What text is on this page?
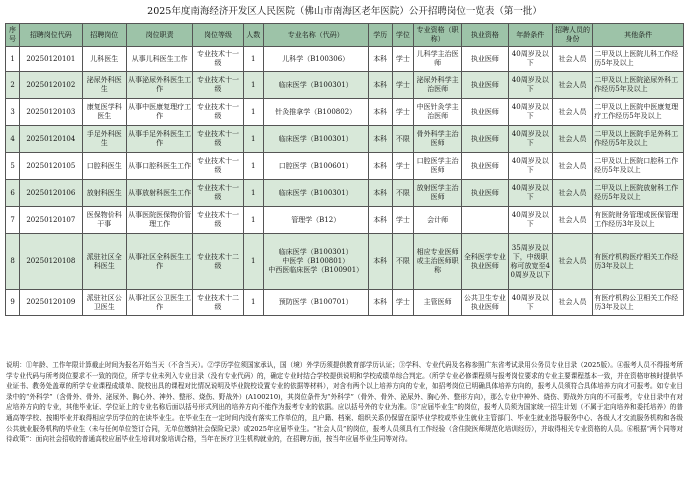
2025年度南海经济开发区人民医院（佛山市南海区老年医院）公开招聘岗位一览表（第一批）
序号	招聘岗位代码	招聘岗位	岗位职责	岗位等级	人数	专业名称（代码）	学历	学位	专业资格（职称）	执业资格	年龄条件	招聘人员的身份	其他条件
1	20250120101	儿科医生	从事儿科医生工作	专业技术十一级	1	儿科学（B100306）	本科	学士	儿科学主治医师	执业医师	40周岁及以下	社会人员	二甲及以上医院儿科工作经历5年及以上
2	20250120102	泌尿外科医生	从事泌尿外科医生工作	专业技术十一级	1	临床医学（B100301）	本科	学士	泌尿外科学主治医师	执业医师	40周岁及以下	社会人员	二甲及以上医院泌尿外科工作经历5年及以上
3	20250120103	康复医学科医生	从事中医康复理疗工作	专业技术十一级	1	针灸推拿学（B100802）	本科	学士	中医针灸学主治医师	执业医师	40周岁及以下	社会人员	二甲及以上医院中医康复理疗工作经历5年及以上
4	20250120104	手足外科医生	从事手足外科医生工作	专业技术十一级	1	临床医学（B100301）	本科	不限	骨外科学主治医师	执业医师	40周岁及以下	社会人员	二甲及以上医院手足外科工作经历5年及以上
5	20250120105	口腔科医生	从事口腔科医生工作	专业技术十一级	1	口腔医学（B100601）	本科	学士	口腔医学主治医师	执业医师	40周岁及以下	社会人员	二甲及以上医院口腔科工作经历5年及以上
6	20250120106	放射科医生	从事放射科医生工作	专业技术十一级	1	临床医学（B100301）	本科	不限	放射医学主治医师	执业医师	40周岁及以下	社会人员	二甲及以上医院放射科工作经历5年及以上
7	20250120107	医保物价科干事	从事医院医保物价管理工作	专业技术十一级	1	管理学（B12）	本科	学士	会计师		40周岁及以下	社会人员	有医院财务管理或医保管理工作经历3年及以上
8	20250120108	派驻社区全科医生	从事社区全科医生工作	专业技术十二级	1	临床医学（B100301）
中医学（B100801）
中西医临床医学（B100901）	本科	不限	相应专业医师或主治医师职称	全科医学专业执业医师	35周岁及以下，中级职称可放宽至40周岁及以下	社会人员	有医疗机构医疗相关工作经历3年及以上
9	20250120109	派驻社区公卫医生	从事社区公卫医生工作	专业技术十二级	1	预防医学（B100701）	本科	学士	主管医师	公共卫生专业执业医师	40周岁及以下	社会人员	有医疗机构公卫相关工作经历3年及以上
说明：①年龄、工作年限计算截止时间为报名开始当天（不含当天）。②学历学位须国家承认，国（境）外学历须提供教育部学历认证；③学科、专业代码及名称参照广东省考试录用公务员专业目录（2025版）。④报考人员不得报考所学专业代码与所考岗位要求不一致的岗位，所学专业未列入专业目录（没有专业代码）的，确定专业时结合学校提供说明和学校成绩单综合判定。（所学专业必修课程须与报考岗位要求的专业主要课程基本一致，并在资格审核时提供毕业证书、教务处盖章的所学专业课程成绩单、院校出具的课程对比情况说明及毕业院校设置专业的依据等材料），对含有两个以上培养方向的专业，如招考岗位已明确具体培养方向的，报考人员须符合具体培养方向才可报考。如专业目录中的“外科学”（含骨外、骨外、泌尿外、胸心外、神外、整形、烧伤、野战外）(A100210)，其岗位条件为“外科学”（骨外、骨外、泌尿外、胸心外、整形方向），那么专业中神外、烧伤、野战外方向的不可报考，专业目录中有对应培养方向的专业，其他毕业证、学位证上的专业名称后面以括号形式列出的培养方向不能作为报考专业的依据。应以括号外的专业为准。⑤“应届毕业生”的岗位，报考人员须为国家统一招生计划（不属于定向培养和委托培养）的普通高等学校、按期毕业并取得相应学历学位的在读毕业生。在毕业生在一定时间内没有落实工作单位的，且户籍、档案、组织关系仍保留在原毕业学校或毕业生就业主管部门、毕业生就业指导服务中心、各级人才交流服务机构和各级公共就业服务机构的毕业生（未与任何单位签订合同，无单位缴纳社会保险记录）或2025年应届毕业生。“社会人员”的岗位，报考人员须具有工作经验（含住院医师规范化培训经历），并取得相关专业资格的人员。⑥根据“两个同等对待政策”：面向社会招收的普通高校应届毕业生培训对象培训合格，当年在医疗卫生机构就业的，在招聘方面，按当年应届毕业生同等对待。
